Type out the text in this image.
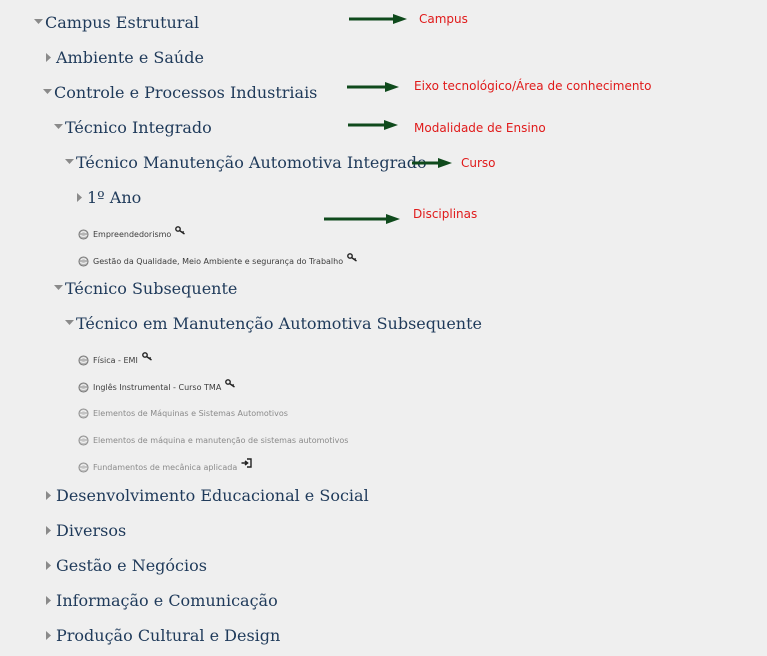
Campus Estrutural
Ambiente e Saúde
Controle e Processos Industriais
Técnico Integrado
Técnico Manutenção Automotiva Integrado
1º Ano
Empreendedorismo
Gestão da Qualidade, Meio Ambiente e segurança do Trabalho
Técnico Subsequente
Técnico em Manutenção Automotiva Subsequente
Física - EMI
Inglês Instrumental - Curso TMA
Elementos de Máquinas e Sistemas Automotivos
Elementos de máquina e manutenção de sistemas automotivos
Fundamentos de mecânica aplicada
Desenvolvimento Educacional e Social
Diversos
Gestão e Negócios
Informação e Comunicação
Produção Cultural e Design
Campus
Eixo tecnológico/Área de conhecimento
Modalidade de Ensino
Curso
Disciplinas
